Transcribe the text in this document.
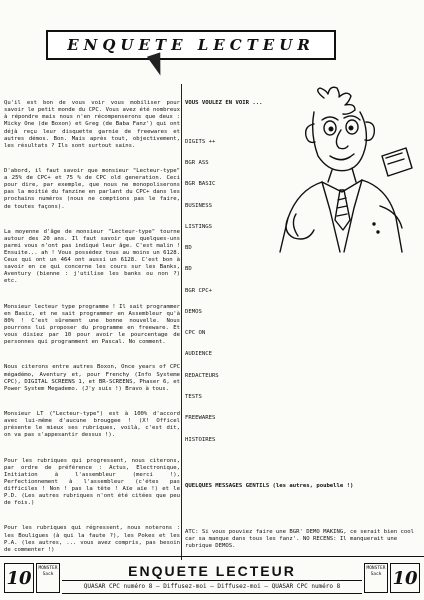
ENQUETE LECTEUR

Qu'il est bon de vous voir vous mobiliser pour savoir le petit monde du CPC. Vous avez été nombreux à répondre mais nous n'en récompenserons que deux : Micky One (de Boxon) et Greg (de Baba Fanz') qui ont déjà reçu leur disquette garnie de freewares et autres démos. Bon. Mais après tout, objectivement, les résultats ? Ils sont surtout sains.

D'abord, il faut savoir que monsieur "Lecteur-type" a 25% de CPC+ et 75 % de CPC old generation. Ceci pour dire, par exemple, que nous ne monopoliserons pas la moitié du fanzine en parlant du CPC+ dans les prochains numéros (nous ne comptions pas le faire, de toutes façons).

La moyenne d'âge de monsieur "Lecteur-type" tourne autour des 20 ans. Il faut savoir que quelques-uns parmi vous n'ont pas indiqué leur âge. C'est malin ! Ensuite... ah ! Vous possédez tous au moins un 6128. Ceux qui ont un 464 ont aussi un 6128. C'est bon à savoir en ce qui concerne les cours sur les Banks, Aventury (bienne : j'utilise les banks ou non ?) etc.

Monsieur lecteur type programme ! Il sait programmer en Basic, et ne sait programmer en Assembleur qu'à 80% ! C'est sûrement une bonne nouvelle. Nous pourrons lui proposer du programme en freeware. Et vous disiez par 10 pour avoir le pourcentage de personnes qui programment en Pascal. No comment.

Nous citerons entre autres Boxon, Once years of CPC mégadémo, Aventury et, pour Frenchy (Info Systeme CPC), DIGITAL SCREENS 1, et BR-SCREENS, Phaser 6, et Power System Megademo. (J'y suis !) Bravo à tous.

Monsieur LT ("Lecteur-type") est à 100% d'accord avec lui-même d'aucune brouggee ! (X! Officel présente le mieux ses rubriques, voilà, c'est dit, on va pas s'appesantir dessus !).

Pour les rubriques qui progressent, nous citerons, par ordre de préférence : Actus, Electronique, Initiation à l'assembleur (merci !), Perfectionnement à l'assembleur (c'étes pas difficiles ! Non ! pas la tête ! Aïe aïe !) et le P.D. (Les autres rubriques n'ont été citées que peu de fois.)

Pour les rubriques qui régressent, nous noterons : les Bouligues (à qui la faute ?), les Pokes et les P.A. (les autres, ... vous avez compris, pas besoin de commenter !)

VOUS VOULEZ EN VOIR ...

DIGITS ++

BGR ASS

BGR BASIC

BUSINESS

LISTINGS

BD

BD

BGR CPC+

DEMOS

CPC ON

AUDIENCE

REDACTEURS

TESTS

FREEWARES

HISTOIRES

QUELQUES MESSAGES GENTILS (les autres, poubelle !)

ATC: Si vous pouviez faire une BGR' DEMO MAKING, ce serait bien cool car sa manque dans tous les fanz'. NO RECENS: Il manquerait une rubrique DEMOS.

10	MONSTER Sack	ENQUETE LECTEUR
QUASAR CPC numéro 8 — Diffusez-moi — Diffusez-moi — QUASAR CPC numéro 8
MONSTER Sack 10
